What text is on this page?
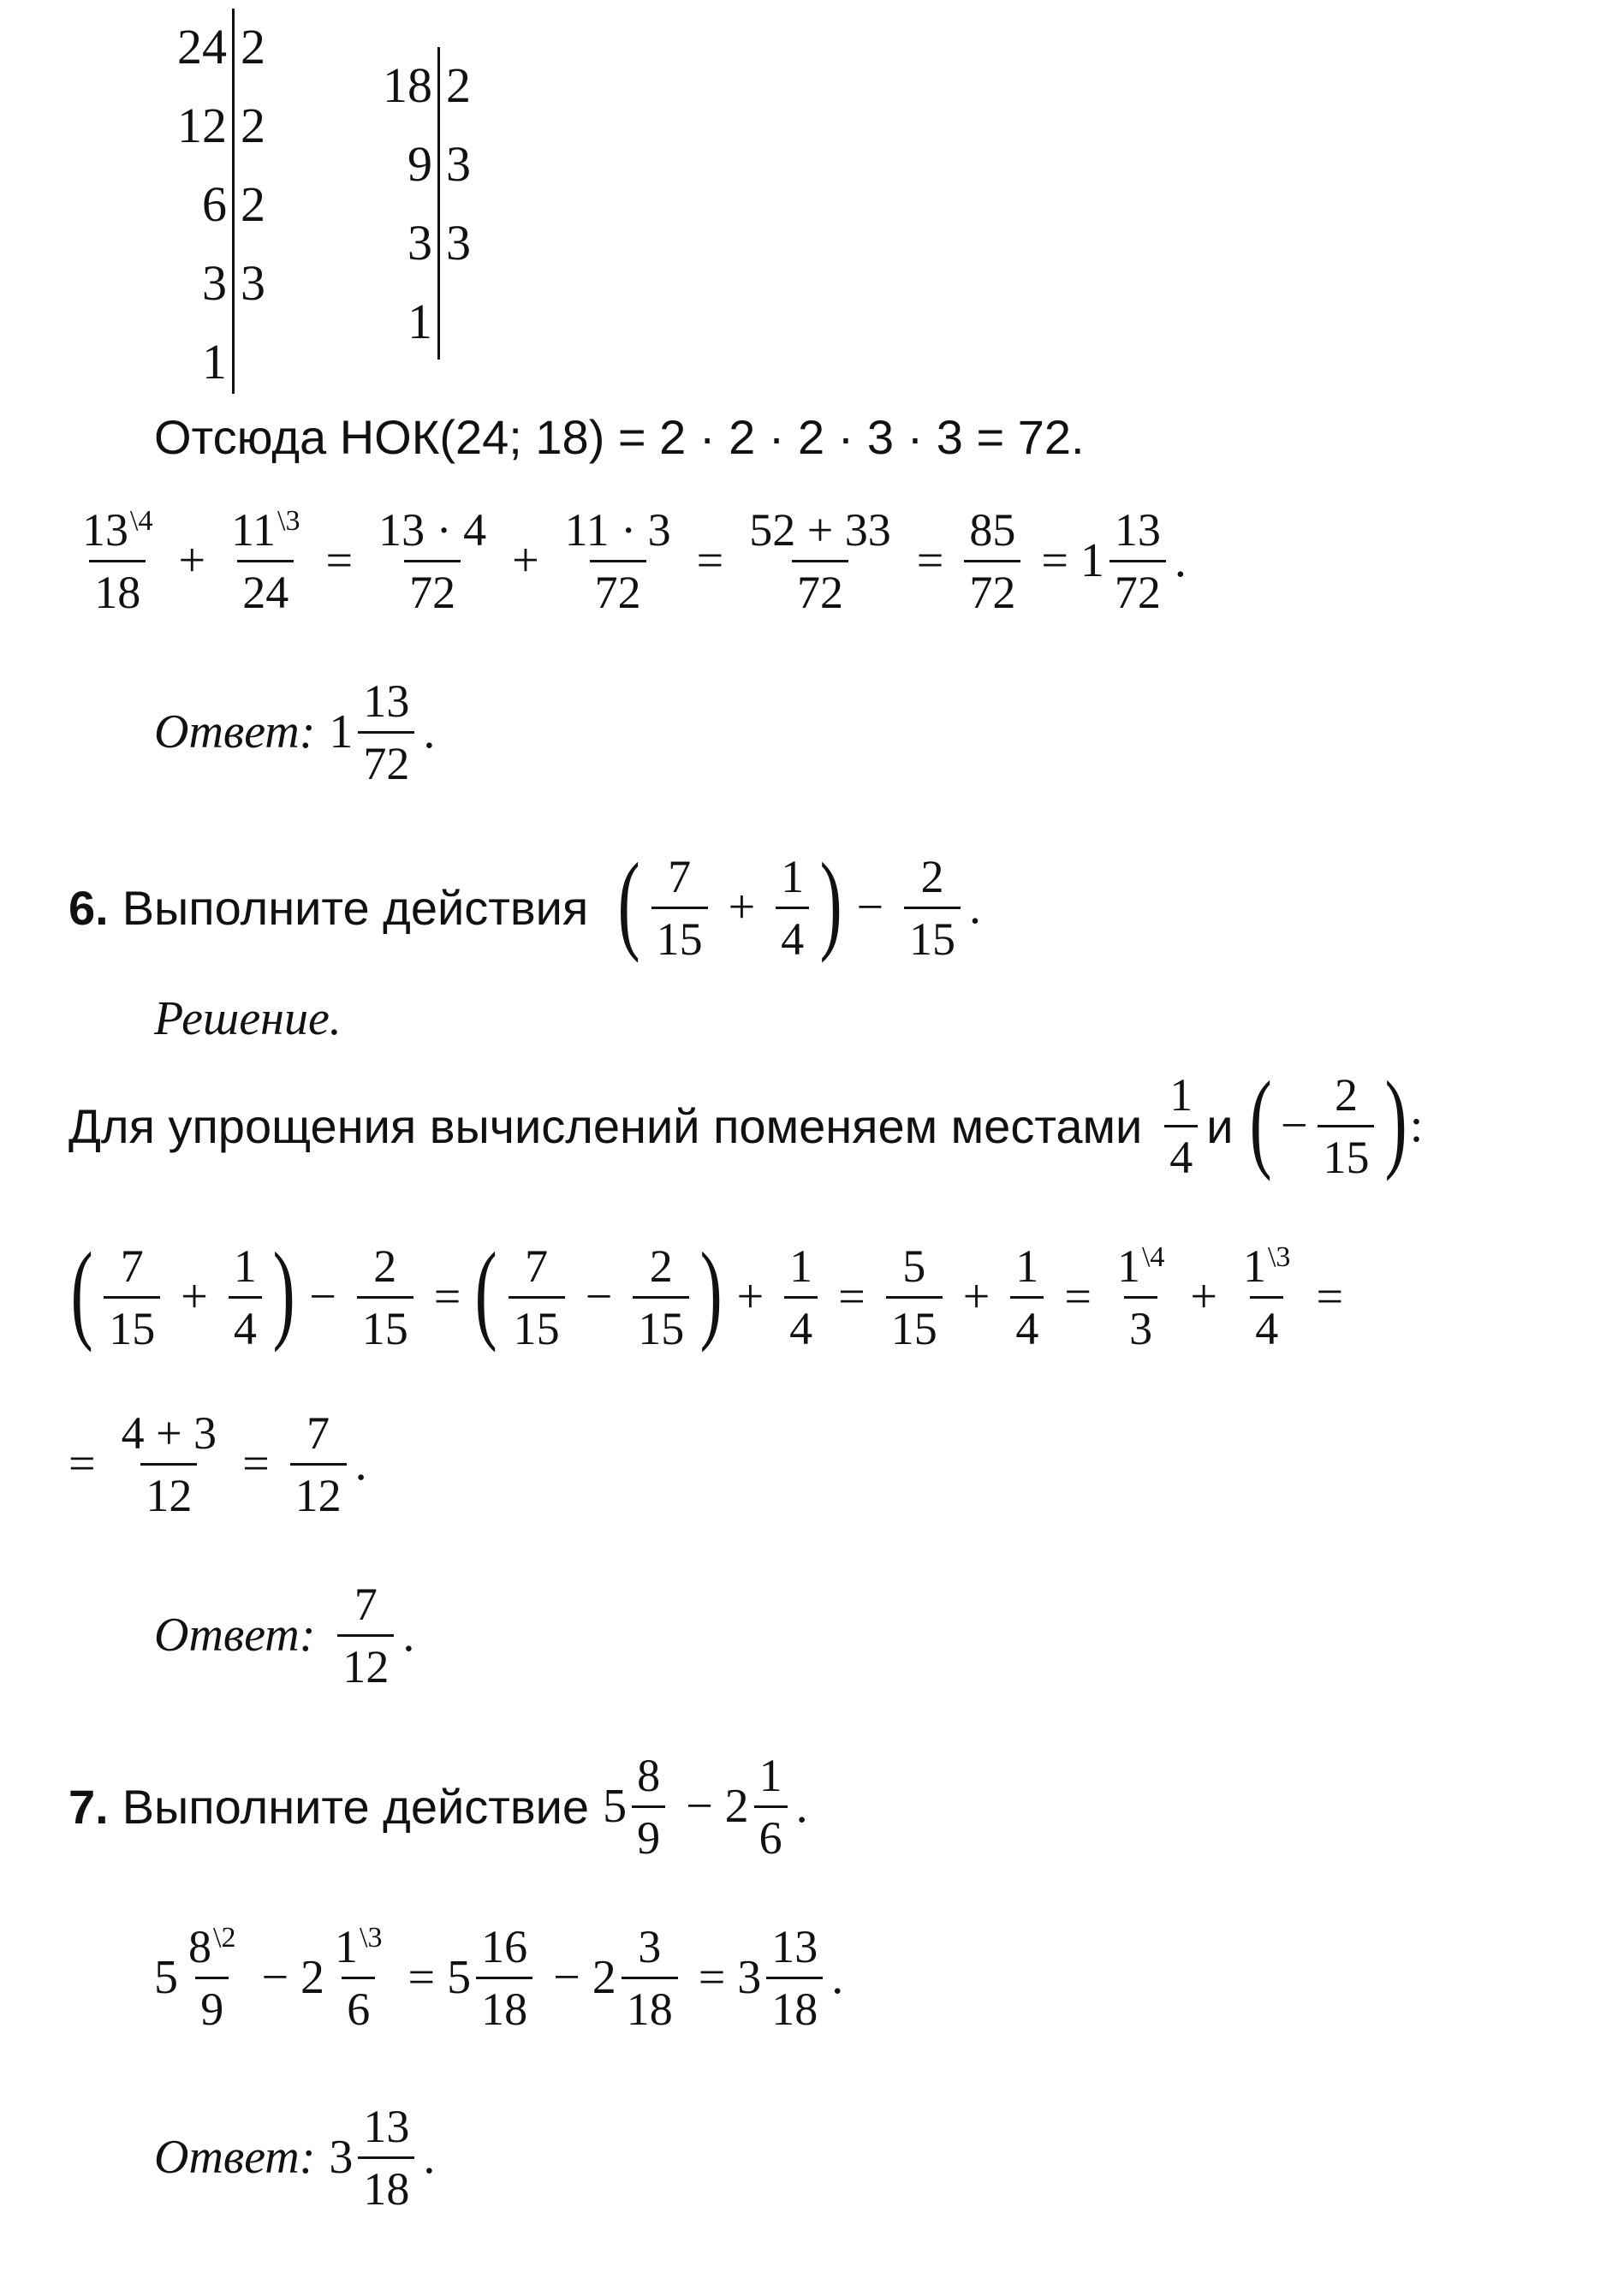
24
12
6
3
1
2
2
2
3
18
9
3
1
2
3
3
Отсюда НОК(24; 18) = 2 · 2 · 2 · 3 · 3 = 72.
$\frac{13^{\backslash 4}}{18} + \frac{11^{\backslash 3}}{24} = \frac{13 \cdot 4}{72} + \frac{11 \cdot 3}{72} = \frac{52 + 33}{72} = \frac{85}{72} = 1 \frac{13}{72}$ .
Ответ: $1 \frac{13}{72}$ .
6. Выполните действия ( $\frac{7}{15} + \frac{1}{4}$ ) − $\frac{2}{15}$ .
Решение.
Для упрощения вычислений поменяем местами $\frac{1}{4}$ и ( − $\frac{2}{15}$ ) :
( $\frac{7}{15} + \frac{1}{4}$ ) − $\frac{2}{15}$ = ( $\frac{7}{15} - \frac{2}{15}$ ) + $\frac{1}{4} = \frac{5}{15} + \frac{1}{4} = \frac{1^{\backslash 4}}{3} + \frac{1^{\backslash 3}}{4}$ =
= $\frac{4 + 3}{12} = \frac{7}{12}$ .
Ответ: $\frac{7}{12}$ .
7. Выполните действие $5 \frac{8}{9} - 2 \frac{1}{6}$ .
$5 \frac{8^{\backslash 2}}{9} - 2 \frac{1^{\backslash 3}}{6} = 5 \frac{16}{18} - 2 \frac{3}{18} = 3 \frac{13}{18}$ .
Ответ: $3 \frac{13}{18}$ .
